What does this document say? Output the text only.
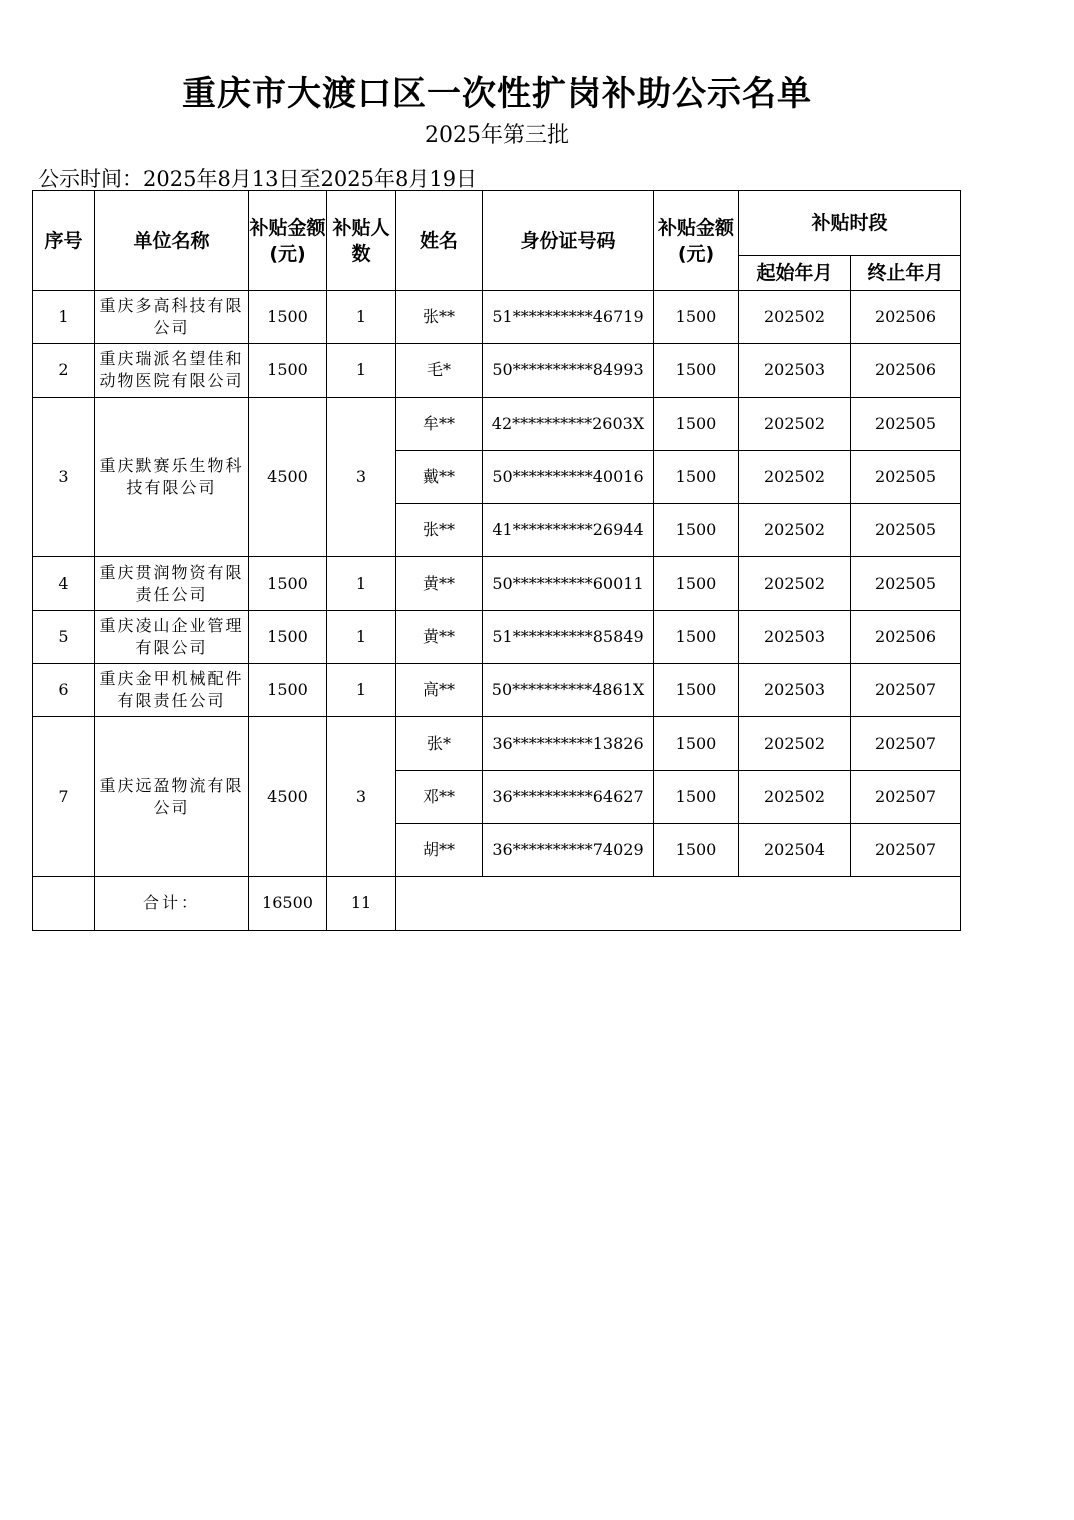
重庆市大渡口区一次性扩岗补助公示名单
2025年第三批
公示时间：2025年8月13日至2025年8月19日
序号	单位名称	补贴金额(元)	补贴人数	姓名	身份证号码	补贴金额(元)	补贴时段	
							起始年月	终止年月
1	重庆多高科技有限公司	1500	1	张**	51**********46719	1500	202502	202506
2	重庆瑞派名望佳和动物医院有限公司	1500	1	毛*	50**********84993	1500	202503	202506
3	重庆默赛乐生物科技有限公司	4500	3	牟**	42**********2603X	1500	202502	202505
				戴**	50**********40016	1500	202502	202505
				张**	41**********26944	1500	202502	202505
4	重庆贯润物资有限责任公司	1500	1	黄**	50**********60011	1500	202502	202505
5	重庆凌山企业管理有限公司	1500	1	黄**	51**********85849	1500	202503	202506
6	重庆金甲机械配件有限责任公司	1500	1	高**	50**********4861X	1500	202503	202507
7	重庆远盈物流有限公司	4500	3	张*	36**********13826	1500	202502	202507
				邓**	36**********64627	1500	202502	202507
				胡**	36**********74029	1500	202504	202507
	合计：	16500	11					
